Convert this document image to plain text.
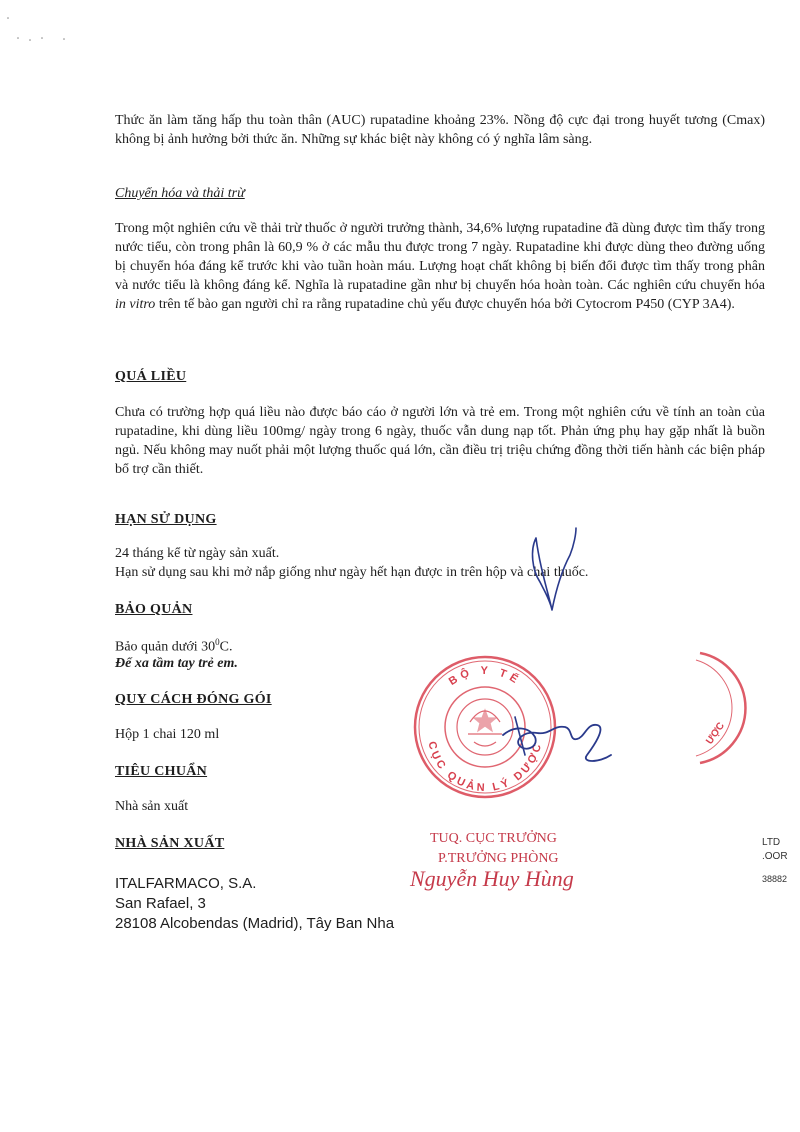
Thức ăn làm tăng hấp thu toàn thân (AUC) rupatadine khoảng 23%. Nồng độ cực đại trong huyết tương (Cmax) không bị ảnh hưởng bởi thức ăn. Những sự khác biệt này không có ý nghĩa lâm sàng.
Chuyển hóa và thải trừ
Trong một nghiên cứu về thải trừ thuốc ở người trưởng thành, 34,6% lượng rupatadine đã dùng được tìm thấy trong nước tiểu, còn trong phân là 60,9 % ở các mẫu thu được trong 7 ngày. Rupatadine khi được dùng theo đường uống bị chuyển hóa đáng kể trước khi vào tuần hoàn máu. Lượng hoạt chất không bị biến đổi được tìm thấy trong phân và nước tiểu là không đáng kể. Nghĩa là rupatadine gần như bị chuyển hóa hoàn toàn. Các nghiên cứu chuyển hóa in vitro trên tế bào gan người chỉ ra rằng rupatadine chủ yếu được chuyển hóa bởi Cytocrom P450 (CYP 3A4).
QUÁ LIỀU
Chưa có trường hợp quá liều nào được báo cáo ở người lớn và trẻ em. Trong một nghiên cứu về tính an toàn của rupatadine, khi dùng liều 100mg/ ngày trong 6 ngày, thuốc vẫn dung nạp tốt. Phản ứng phụ hay gặp nhất là buồn ngủ. Nếu không may nuốt phải một lượng thuốc quá lớn, cần điều trị triệu chứng đồng thời tiến hành các biện pháp bổ trợ cần thiết.
HẠN SỬ DỤNG
24 tháng kể từ ngày sản xuất.
Hạn sử dụng sau khi mở nắp giống như ngày hết hạn được in trên hộp và chai thuốc.
BẢO QUẢN
Bảo quản dưới $30^0C$.
Để xa tầm tay trẻ em.
QUY CÁCH ĐÓNG GÓI
Hộp 1 chai 120 ml
TIÊU CHUẨN
Nhà sản xuất
NHÀ SẢN XUẤT
ITALFARMACO, S.A.
San Rafael, 3
28108 Alcobendas (Madrid), Tây Ban Nha
BỘ Y TẾ
CỤC QUẢN LÝ DƯỢC
ƯỢC
TUQ. CỤC TRƯỞNG
P.TRƯỞNG PHÒNG
Nguyễn Huy Hùng
LTD
.OOR
38882
